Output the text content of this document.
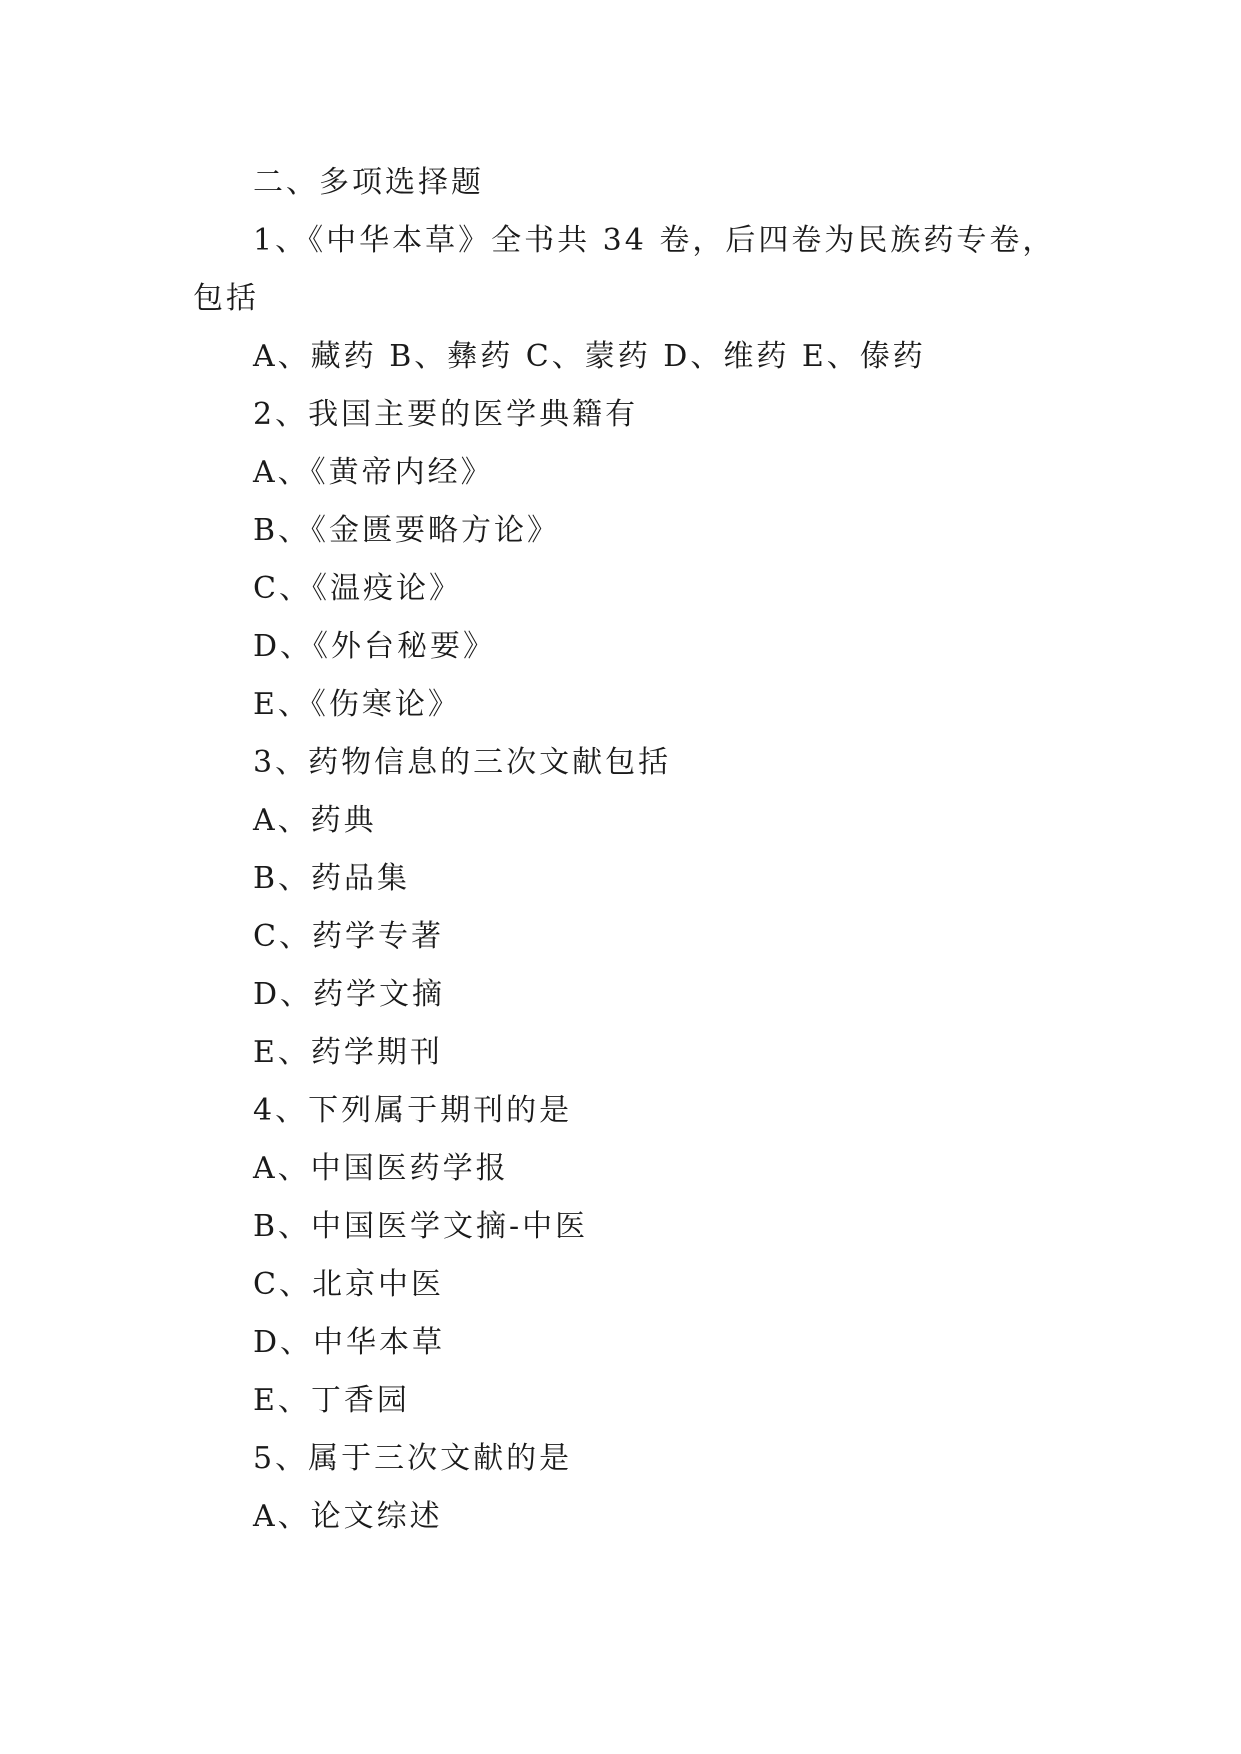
二、多项选择题
1、《中华本草》全书共 34 卷，后四卷为民族药专卷，
包括
A、藏药 B、彝药 C、蒙药 D、维药 E、傣药
2、我国主要的医学典籍有
A、《黄帝内经》
B、《金匮要略方论》
C、《温疫论》
D、《外台秘要》
E、《伤寒论》
3、药物信息的三次文献包括
A、药典
B、药品集
C、药学专著
D、药学文摘
E、药学期刊
4、下列属于期刊的是
A、中国医药学报
B、中国医学文摘-中医
C、北京中医
D、中华本草
E、丁香园
5、属于三次文献的是
A、论文综述
